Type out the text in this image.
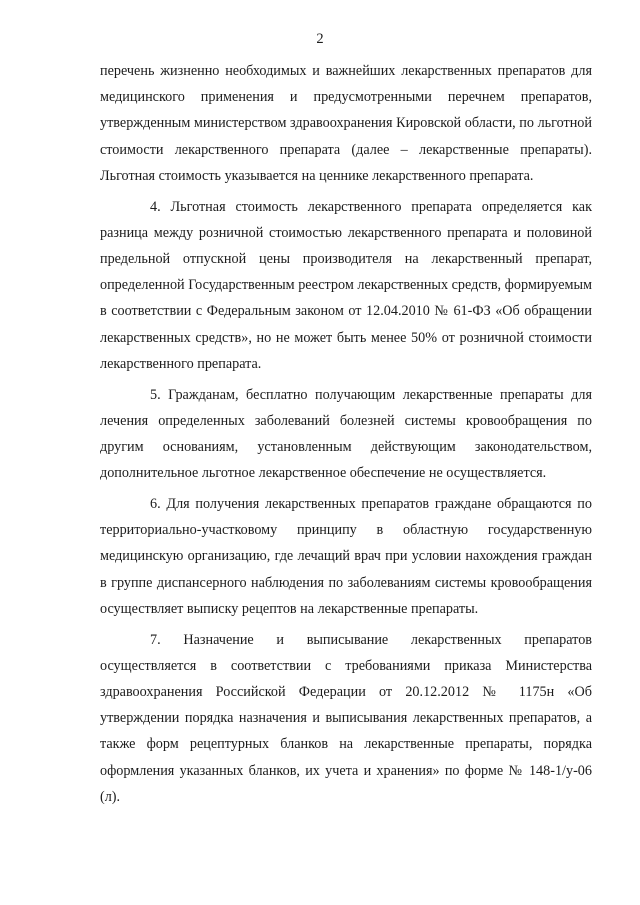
2

перечень жизненно необходимых и важнейших лекарственных препаратов для медицинского применения и предусмотренными перечнем препаратов, утвержденным министерством здравоохранения Кировской области, по льготной стоимости лекарственного препарата (далее – лекарственные препараты). Льготная стоимость указывается на ценнике лекарственного препарата.

4. Льготная стоимость лекарственного препарата определяется как разница между розничной стоимостью лекарственного препарата и половиной предельной отпускной цены производителя на лекарственный препарат, определенной Государственным реестром лекарственных средств, формируемым в соответствии с Федеральным законом от 12.04.2010 № 61-ФЗ «Об обращении лекарственных средств», но не может быть менее 50% от розничной стоимости лекарственного препарата.

5. Гражданам, бесплатно получающим лекарственные препараты для лечения определенных заболеваний болезней системы кровообращения по другим основаниям, установленным действующим законодательством, дополнительное льготное лекарственное обеспечение не осуществляется.

6. Для получения лекарственных препаратов граждане обращаются по территориально-участковому принципу в областную государственную медицинскую организацию, где лечащий врач при условии нахождения граждан в группе диспансерного наблюдения по заболеваниям системы кровообращения осуществляет выписку рецептов на лекарственные препараты.

7. Назначение и выписывание лекарственных препаратов

осуществляется в соответствии с требованиями приказа Министерства здравоохранения Российской Федерации от 20.12.2012 № 1175н «Об утверждении порядка назначения и выписывания лекарственных препаратов, а также форм рецептурных бланков на лекарственные препараты, порядка оформления указанных бланков, их учета и хранения» по форме № 148-1/у-06 (л).
